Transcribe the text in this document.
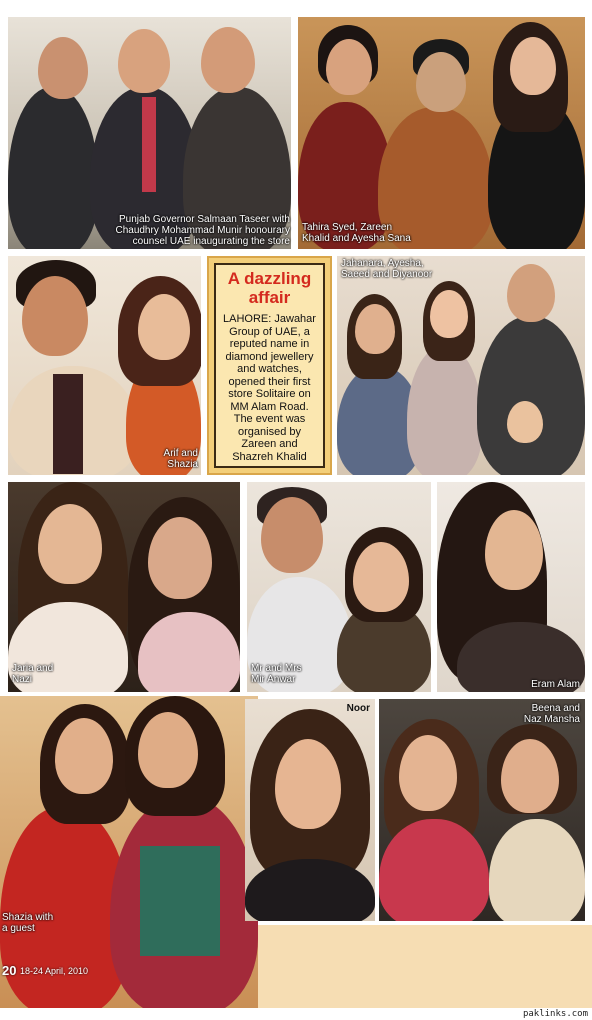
Punjab Governor Salmaan Taseer with
Chaudhry Mohammad Munir honourary
counsel UAE inaugurating the store
Tahira Syed, Zareen
Khalid and Ayesha Sana
Arif and
Shazia
A dazzling affair
LAHORE: Jawahar Group of UAE, a reputed name in diamond jewellery and watches, opened their first store Solitaire on MM Alam Road. The event was organised by Zareen and Shazreh Khalid
Jahanara, Ayesha,
Saeed and Diyanoor
Jaria and
Nazi
Mr and Mrs
Mir Anwar	Eram Alam
Shazia with
a guest
Noor	Beena and
Naz Mansha
20 18-24 April, 2010
paklinks.com
